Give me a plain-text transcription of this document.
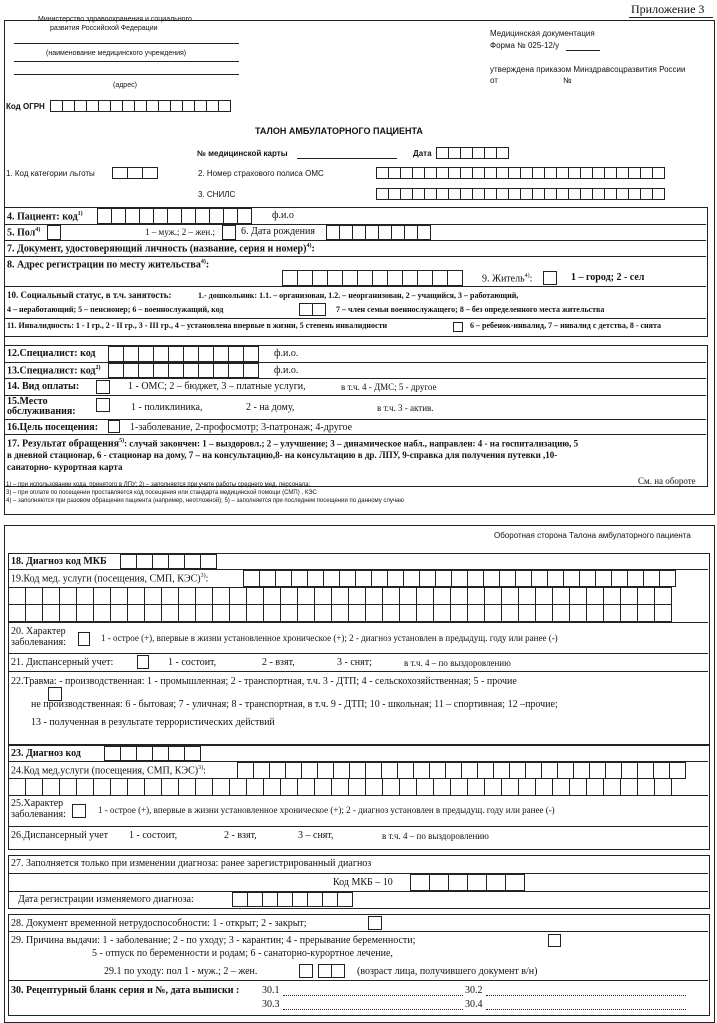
Приложение 3
Министерство здравоохранения и социального
развития Российской Федерации
(наименование медицинского учреждения)
(адрес)
Медицинская документация
Форма № 025-12/у
утверждена приказом Минздравсоцразвития России
от	№
Код ОГРН
ТАЛОН АМБУЛАТОРНОГО ПАЦИЕНТА
№ медицинской карты	Дата
1. Код категории льготы	2. Номер страхового полиса ОМС
3. СНИЛС
4. Пациент: код$^{1)}$	ф.и.о
5. Пол$^{4)}$	1 – муж.; 2 – жен.;	6. Дата рождения
7. Документ, удостоверяющий личность (название, серия и номер)$^{4)}$:
8. Адрес регистрации по месту жительства$^{4)}$:
9. Житель$^{4)}$:	1 – город; 2 - сел
10. Социальный статус, в т.ч. занятость:	1.- дошкольник: 1.1. – организован, 1.2. – неорганизован, 2 – учащийся, 3 – работающий,
4 – неработающий; 5 – пенсионер; 6 – военнослужащий, код	7 – член семьи военнослужащего; 8 – без определенного места жительства
11. Инвалидность: 1 - I гр., 2 - II гр., 3 - III гр., 4 – установлена впервые в жизни, 5 степень инвалидности	6 – ребенок-инвалид, 7 – инвалид с детства, 8 - снята
12.Специалист: код	ф.и.о.
13.Специалист: код$^{2)}$	ф.и.о.
14. Вид оплаты:	1 - ОМС; 2 – бюджет, 3 – платные услуги,	в т.ч. 4 - ДМС; 5 - другое
15.Место
обслуживания:	1 - поликлиника,	2 - на дому,	в т.ч. 3 - актив.
16.Цель посещения:	1-заболевание, 2-профосмотр; 3-патронаж; 4-другое
17. Результат обращения$^{5)}$: случай закончен: 1 – выздоровл.; 2 – улучшение; 3 – динамическое набл., направлен: 4 - на госпитализацию, 5
в дневной стационар, 6 - стационар на дому, 7 – на консультацию,8- на консультацию в др. ЛПУ, 9-справка для получения путевки ,10-
санаторно- курортная карта
См. на обороте
1) – при использовании кода, принятого в ЛПУ; 2) – заполняется при учете работы среднего мед. персонала;
3) – при оплате по посещении проставляется код посещения или стандарта медицинской помощи (СМП) , КЭС
4) – заполняются при разовом обращении пациента (например, неотложной); 5) – заполняется при последнем посещении по данному случаю
Оборотная сторона Талона амбулаторного пациента
18. Диагноз код МКБ
19.Код мед. услуги (посещения, СМП, КЭС)$^{3)}$:
20. Характер
заболевания:	1 - острое (+), впервые в жизни установленное хроническое (+); 2 - диагноз установлен в предыдущ. году или ранее (-)
21. Диспансерный учет:	1 - состоит,	2 - взят,	3 - снят;	в т.ч. 4 – по выздоровлению
22.Травма: - производственная: 1 - промышленная; 2 - транспортная, т.ч. 3 - ДТП; 4 - сельскохозяйственная; 5 - прочие
не производственная: 6 - бытовая; 7 - уличная; 8 - транспортная, в т.ч. 9 - ДТП; 10 - школьная; 11 – спортивная; 12 –прочие;
13 - полученная в результате террористических действий
23. Диагноз код
24.Код мед.услуги (посещения, СМП, КЭС)$^{3)}$:
25.Характер
заболевания:	1 - острое (+), впервые в жизни установленное хроническое (+); 2 - диагноз установлен в предыдущ. году или ранее (-)
26.Диспансерный учет 1 - состоит,	2 - взят,	3 – снят,	в т.ч. 4 – по выздоровлению
27. Заполняется только при изменении диагноза: ранее зарегистрированный диагноз
Код МКБ – 10
Дата регистрации изменяемого диагноза:
28. Документ временной нетрудоспособности: 1 - открыт; 2 - закрыт;
29. Причина выдачи: 1 - заболевание; 2 - по уходу; 3 - карантин; 4 - прерывание беременности;
5 - отпуск по беременности и родам; 6 - санаторно-курортное лечение,
29.1 по уходу: пол 1 - муж.; 2 – жен.	(возраст лица, получившего документ в/н)
30. Рецептурный бланк серия и №, дата выписки : 30.1	30.2
30.3	30.4
